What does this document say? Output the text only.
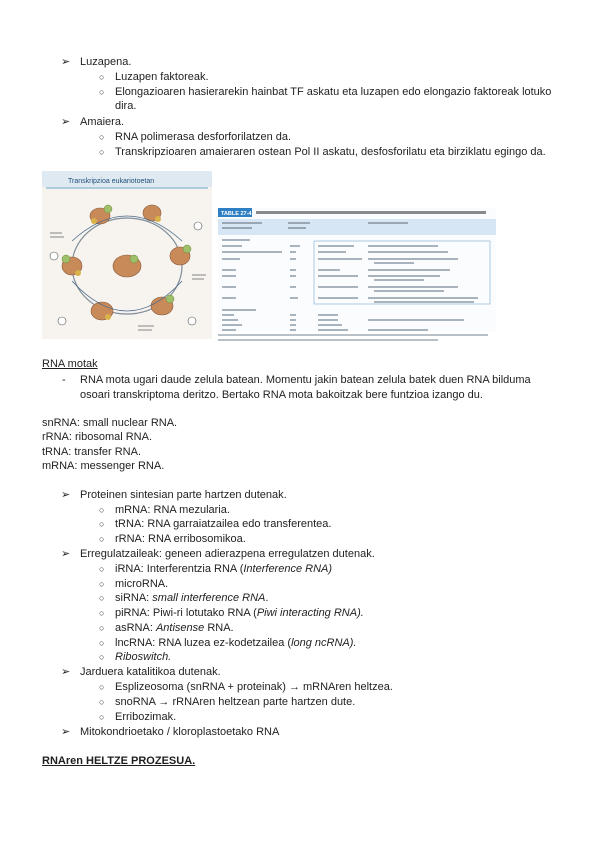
➢ Luzapena.
○ Luzapen faktoreak.
○ Elongazioaren hasierarekin hainbat TF askatu eta luzapen edo elongazio faktoreak lotuko
dira.
➢ Amaiera.
○ RNA polimerasa desforforilatzen da.
○ Transkripzioaren amaieraren ostean Pol II askatu, desfosforilatu eta birziklatu egingo da.
Transkripzioa eukariotoetan
TABLE 27-4
RNA motak
- RNA mota ugari daude zelula batean. Momentu jakin batean zelula batek duen RNA bilduma
osoari transkriptoma deritzo. Bertako RNA mota bakoitzak bere funtzioa izango du.
snRNA: small nuclear RNA.
rRNA: ribosomal RNA.
tRNA: transfer RNA.
mRNA: messenger RNA.
➢ Proteinen sintesian parte hartzen dutenak.
○ mRNA: RNA mezularia.
○ tRNA: RNA garraiatzailea edo transferentea.
○ rRNA: RNA erribosomikoa.
➢ Erregulatzaileak: geneen adierazpena erregulatzen dutenak.
○ iRNA: Interferentzia RNA (Interference RNA)
○ microRNA.
○ siRNA: small interference RNA.
○ piRNA: Piwi-ri lotutako RNA (Piwi interacting RNA).
○ asRNA: Antisense RNA.
○ lncRNA: RNA luzea ez-kodetzailea (long ncRNA).
○ Riboswitch.
➢ Jarduera katalitikoa dutenak.
○ Esplizeosoma (snRNA + proteinak) → mRNAren heltzea.
○ snoRNA → rRNAren heltzean parte hartzen dute.
○ Erribozimak.
➢ Mitokondrioetako / kloroplastoetako RNA
RNAren HELTZE PROZESUA.
